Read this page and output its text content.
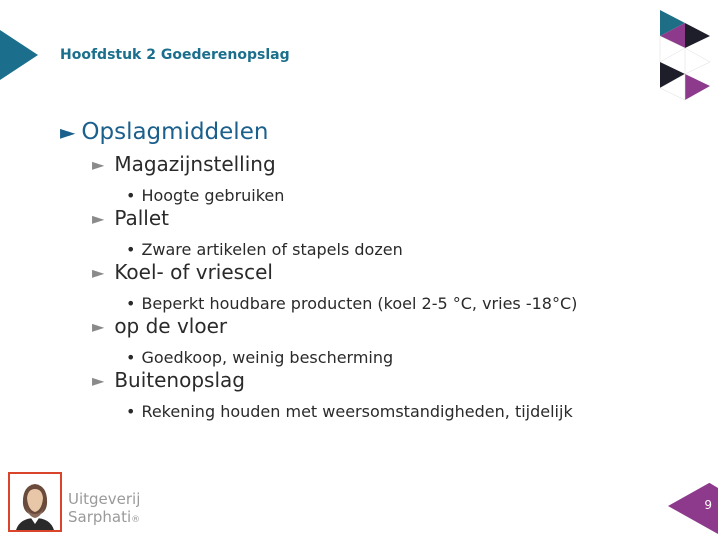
Hoofdstuk 2 Goederenopslag
► Opslagmiddelen
► Magazijnstelling
• Hoogte gebruiken
► Pallet
• Zware artikelen of stapels dozen
► Koel- of vriescel
• Beperkt houdbare producten (koel 2-5 °C, vries -18°C)
► op de vloer
• Goedkoop, weinig bescherming
► Buitenopslag
• Rekening houden met weersomstandigheden, tijdelijk
Uitgeverij
Sarphati®
9
